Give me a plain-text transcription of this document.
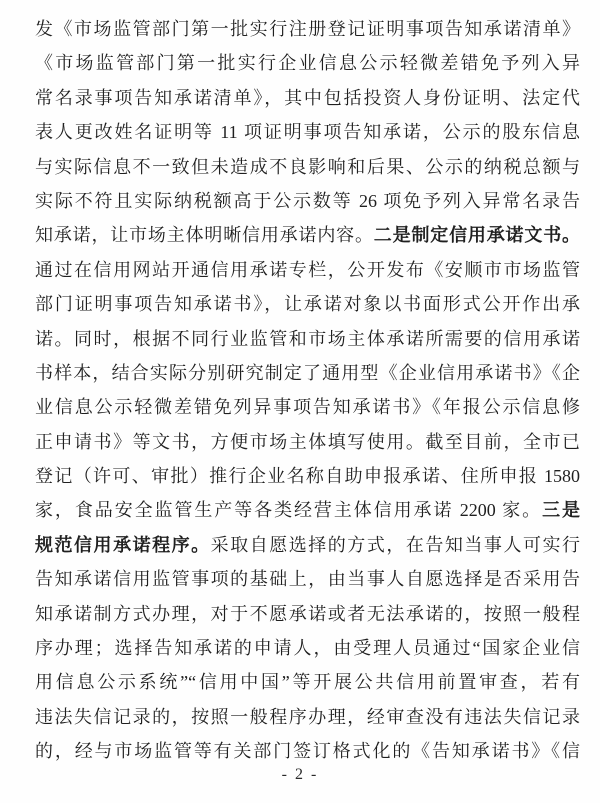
发《市场监管部门第一批实行注册登记证明事项告知承诺清单》
《市场监管部门第一批实行企业信息公示轻微差错免予列入异
常名录事项告知承诺清单》，其中包括投资人身份证明、法定代
表人更改姓名证明等 11 项证明事项告知承诺，公示的股东信息
与实际信息不一致但未造成不良影响和后果、公示的纳税总额与
实际不符且实际纳税额高于公示数等 26 项免予列入异常名录告
知承诺，让市场主体明晰信用承诺内容。二是制定信用承诺文书。
通过在信用网站开通信用承诺专栏，公开发布《安顺市市场监管
部门证明事项告知承诺书》，让承诺对象以书面形式公开作出承
诺。同时，根据不同行业监管和市场主体承诺所需要的信用承诺
书样本，结合实际分别研究制定了通用型《企业信用承诺书》《企
业信息公示轻微差错免列异事项告知承诺书》《年报公示信息修
正申请书》等文书，方便市场主体填写使用。截至目前，全市已
登记（许可、审批）推行企业名称自助申报承诺、住所申报 1580
家，食品安全监管生产等各类经营主体信用承诺 2200 家。三是
规范信用承诺程序。采取自愿选择的方式，在告知当事人可实行
告知承诺信用监管事项的基础上，由当事人自愿选择是否采用告
知承诺制方式办理，对于不愿承诺或者无法承诺的，按照一般程
序办理；选择告知承诺的申请人，由受理人员通过“国家企业信
用信息公示系统”“信用中国”等开展公共信用前置审查，若有
违法失信记录的，按照一般程序办理，经审查没有违法失信记录
的，经与市场监管等有关部门签订格式化的《告知承诺书》《信
- 2 -
